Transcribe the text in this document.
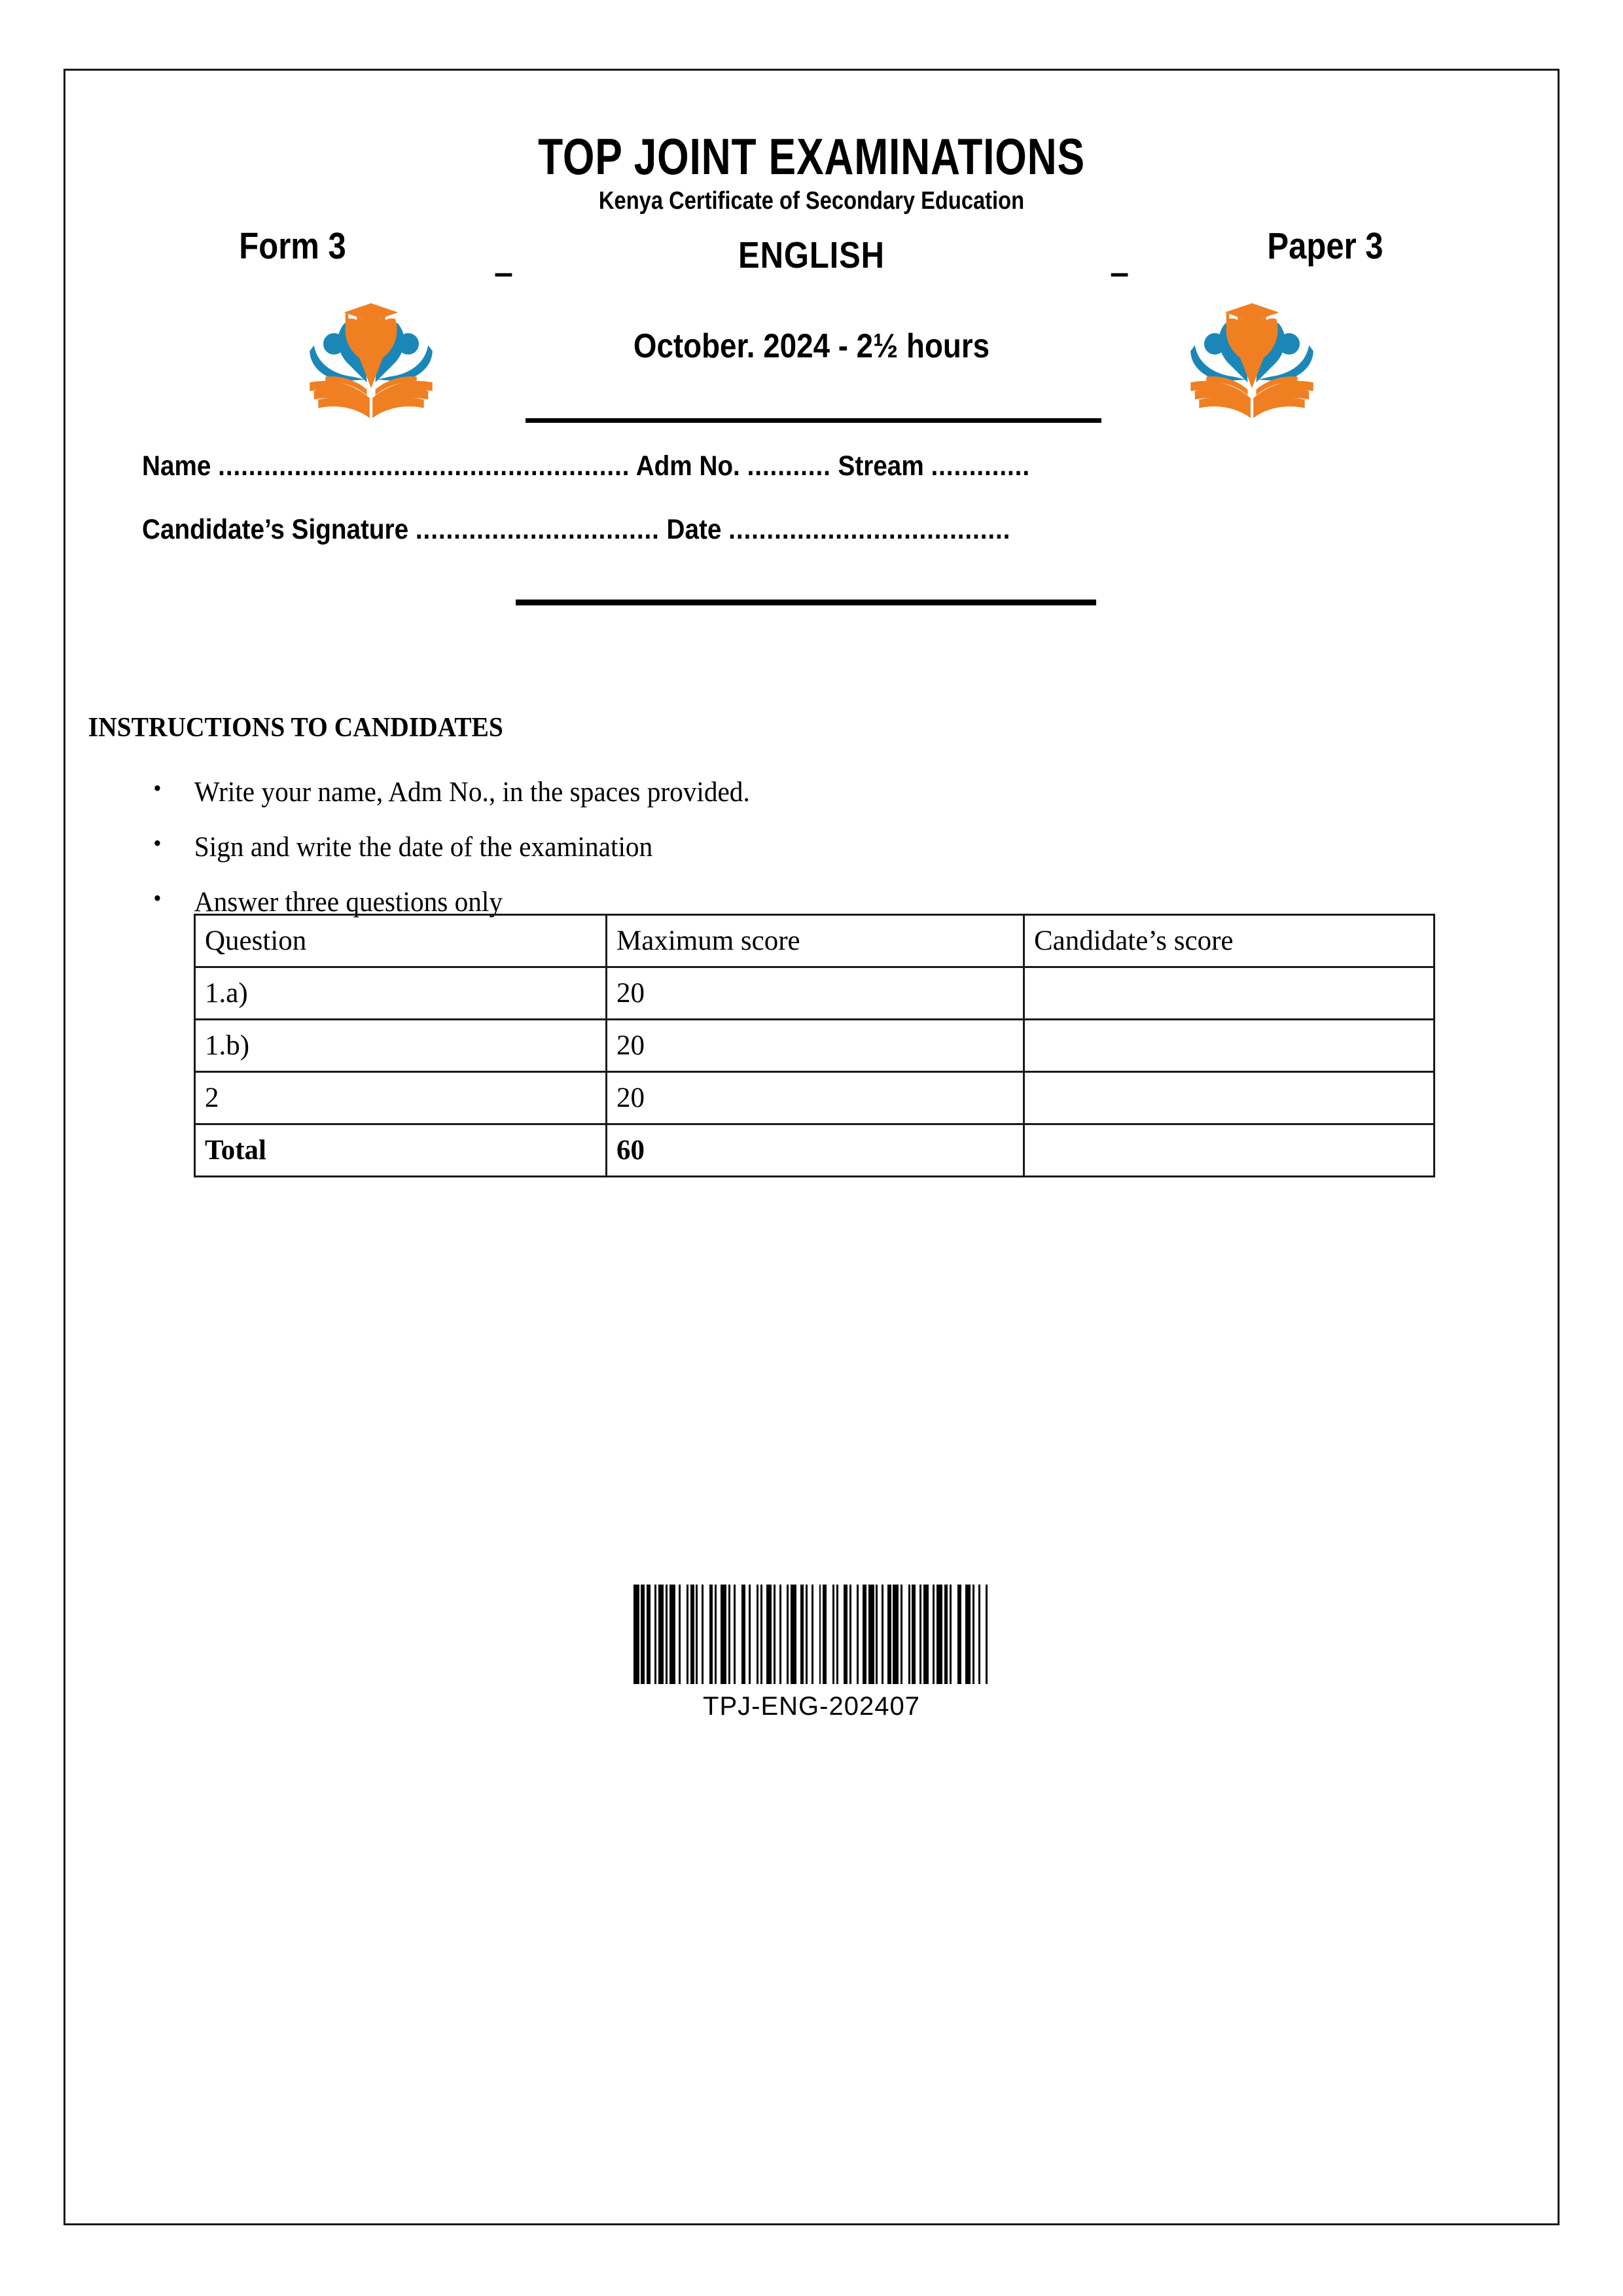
TOP JOINT EXAMINATIONS
Kenya Certificate of Secondary Education
Form 3
–	ENGLISH	–
Paper 3
October. 2024 - 2½ hours
Name ...................................................... Adm No. ........... Stream .............
Candidate’s Signature ................................ Date .....................................
INSTRUCTIONS TO CANDIDATES
• Write your name, Adm No., in the spaces provided.
• Sign and write the date of the examination
• Answer three questions only
Question	Maximum score	Candidate’s score
1.a)	20	
1.b)	20	
2	20	
Total	60	
TPJ-ENG-202407
